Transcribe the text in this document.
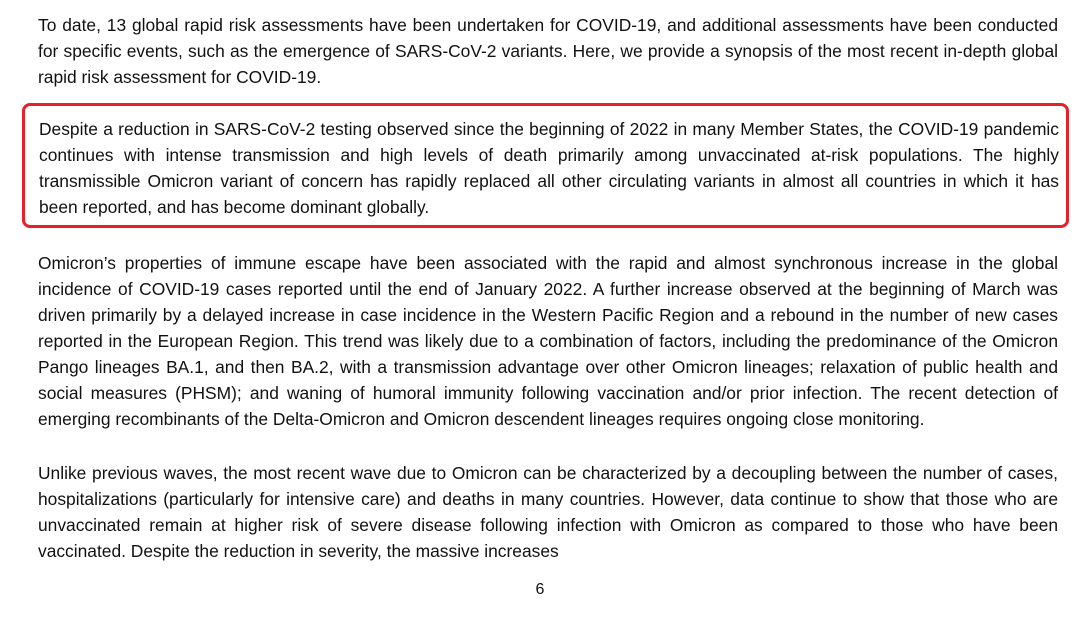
To date, 13 global rapid risk assessments have been undertaken for COVID-19, and additional assessments have been conducted for specific events, such as the emergence of SARS-CoV-2 variants. Here, we provide a synopsis of the most recent in-depth global rapid risk assessment for COVID-19.

Despite a reduction in SARS-CoV-2 testing observed since the beginning of 2022 in many Member States, the COVID-19 pandemic continues with intense transmission and high levels of death primarily among unvaccinated at-risk populations. The highly transmissible Omicron variant of concern has rapidly replaced all other circulating variants in almost all countries in which it has been reported, and has become dominant globally.

Omicron’s properties of immune escape have been associated with the rapid and almost synchronous increase in the global incidence of COVID-19 cases reported until the end of January 2022. A further increase observed at the beginning of March was driven primarily by a delayed increase in case incidence in the Western Pacific Region and a rebound in the number of new cases reported in the European Region. This trend was likely due to a combination of factors, including the predominance of the Omicron Pango lineages BA.1, and then BA.2, with a transmission advantage over other Omicron lineages; relaxation of public health and social measures (PHSM); and waning of humoral immunity following vaccination and/or prior infection. The recent detection of emerging recombinants of the Delta-Omicron and Omicron descendent lineages requires ongoing close monitoring.

Unlike previous waves, the most recent wave due to Omicron can be characterized by a decoupling between the number of cases, hospitalizations (particularly for intensive care) and deaths in many countries. However, data continue to show that those who are unvaccinated remain at higher risk of severe disease following infection with Omicron as compared to those who have been vaccinated. Despite the reduction in severity, the massive increases

6
